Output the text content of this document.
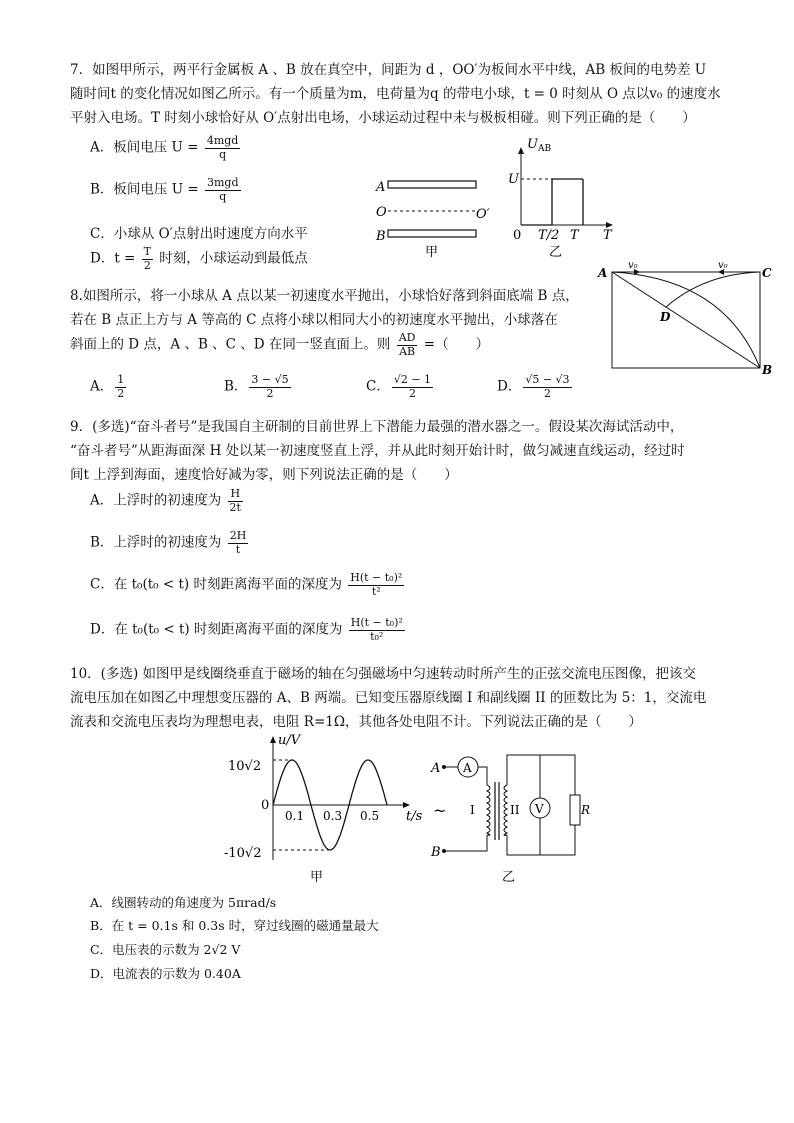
7．如图甲所示，两平行金属板 A 、B 放在真空中，间距为 d ，OO′为板间水平中线，AB 板间的电势差 U
随时间t 的变化情况如图乙所示。有一个质量为m，电荷量为q 的带电小球，t = 0 时刻从 O 点以v₀ 的速度水
平射入电场。T 时刻小球恰好从 O′点射出电场，小球运动过程中未与极板相碰。则下列正确的是（　　）
A．板间电压 $U = \frac{\text{4mgd}}{q}$
B．板间电压 $U = \frac{\text{3mgd}}{q}$
C．小球从 O′点射出时速度方向水平
D．$t = \frac{T}{2}$ 时刻，小球运动到最低点
A
O	O′
B
甲
$U_{AB}$
U
0 T/2 T T
乙
8.如图所示，将一小球从 A 点以某一初速度水平抛出，小球恰好落到斜面底端 B 点，
若在 B 点正上方与 A 等高的 C 点将小球以相同大小的初速度水平抛出，小球落在
斜面上的 D 点，A 、B 、C 、D 在同一竖直面上。则 $\frac{AD}{AB}$ =（　　）
A． $\frac{1}{2}$	B． $\frac{3 - √5}{2}$	C． $\frac{√2 - 1}{2}$	D． $\frac{√5 - √3}{2}$
A	C
D
B
v₀	v₀
9．(多选)“奋斗者号”是我国自主研制的目前世界上下潜能力最强的潜水器之一。假设某次海试活动中，
“奋斗者号”从距海面深 H 处以某一初速度竖直上浮，并从此时刻开始计时，做匀减速直线运动，经过时
间t 上浮到海面，速度恰好减为零，则下列说法正确的是（　　）
A．上浮时的初速度为 $\frac{H}{2t}$
B．上浮时的初速度为 $\frac{2H}{t}$
C．在 t₀(t₀ < t) 时刻距离海平面的深度为 $\frac{\text{H(t − t₀)²}}{\text{t²}}$
D．在 t₀(t₀ < t) 时刻距离海平面的深度为 $\frac{\text{H(t − t₀)²}}{\text{t₀²}}$
10．(多选) 如图甲是线圈绕垂直于磁场的轴在匀强磁场中匀速转动时所产生的正弦交流电压图像，把该交
流电压加在如图乙中理想变压器的 A、B 两端。已知变压器原线圈 I 和副线圈 II 的匝数比为 5：1，交流电
流表和交流电压表均为理想电表，电阻 R=1Ω，其他各处电阻不计。下列说法正确的是（　　）
u/V
10√2
0
-10√2
0.1 0.3 0.5 t/s
甲
A
B
A
I	II V	R
~
乙
A．线圈转动的角速度为 5πrad/s
B．在 t = 0.1s 和 0.3s 时，穿过线圈的磁通量最大
C．电压表的示数为 2√2 V
D．电流表的示数为 0.40A
